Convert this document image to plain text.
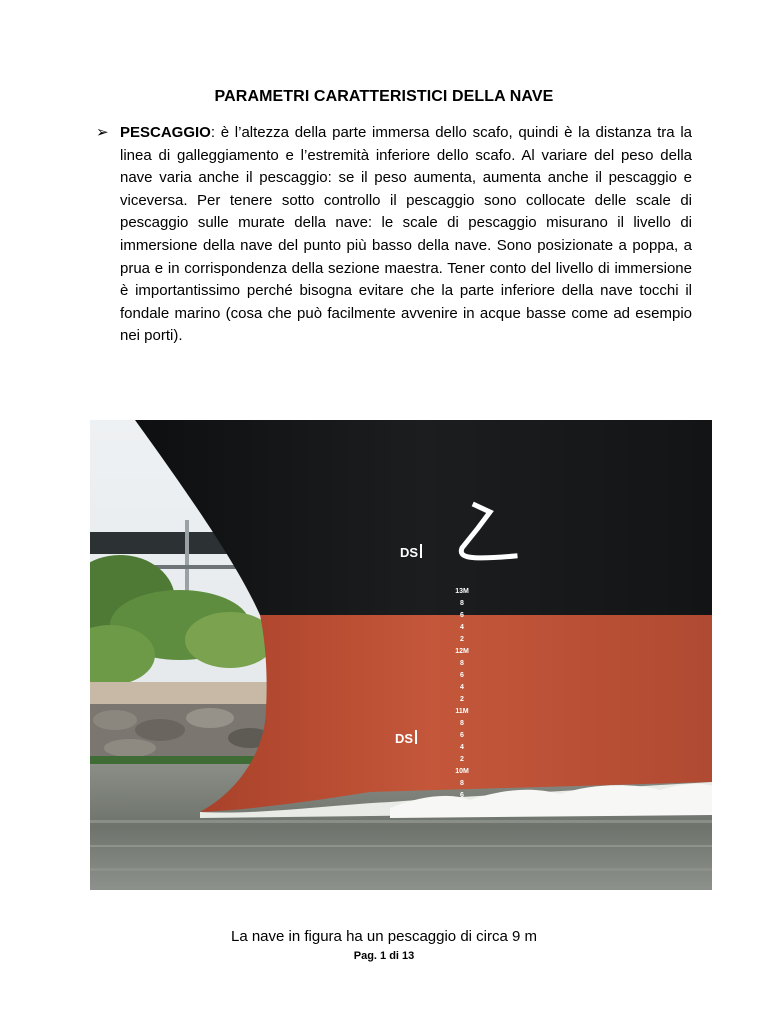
PARAMETRI CARATTERISTICI DELLA NAVE
➢ PESCAGGIO: è l’altezza della parte immersa dello scafo, quindi è la distanza tra la linea di galleggiamento e l’estremità inferiore dello scafo. Al variare del peso della nave varia anche il pescaggio: se il peso aumenta, aumenta anche il pescaggio e viceversa. Per tenere sotto controllo il pescaggio sono collocate delle scale di pescaggio sulle murate della nave: le scale di pescaggio misurano il livello di immersione della nave del punto più basso della nave. Sono posizionate a poppa, a prua e in corrispondenza della sezione maestra. Tener conto del livello di immersione è importantissimo perché bisogna evitare che la parte inferiore della nave tocchi il fondale marino (cosa che può facilmente avvenire in acque basse come ad esempio nei porti).

DS
DS
13M
8
6
4
2
12M
8
6
4
2
11M
8
6
4
2
10M
8
6
La nave in figura ha un pescaggio di circa 9 m
Pag. 1 di 13
